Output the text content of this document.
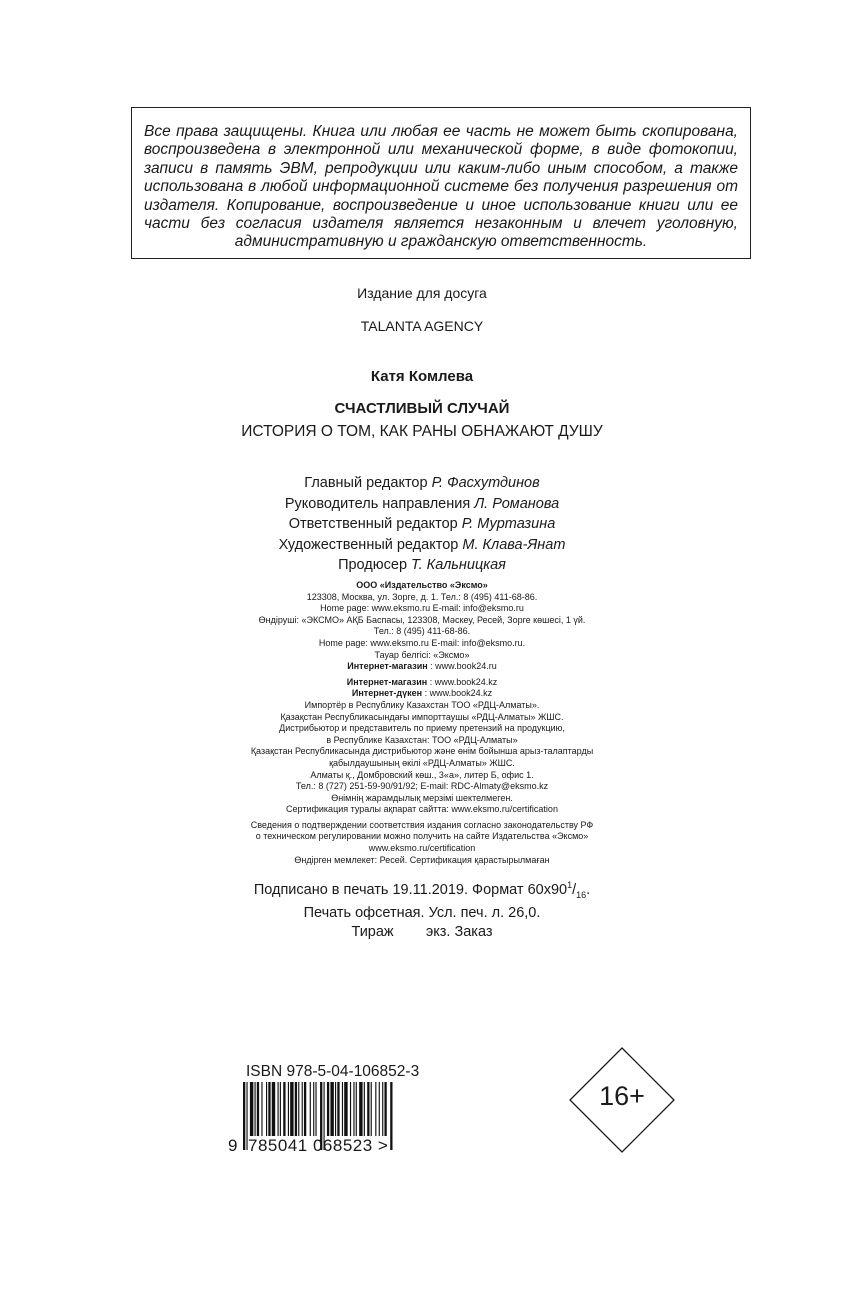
Все права защищены. Книга или любая ее часть не может быть скопирована, воспроизведена в электронной или механической форме, в виде фотокопии, записи в память ЭВМ, репродукции или каким-либо иным способом, а также использована в любой информационной системе без получения разрешения от издателя. Копирование, воспроизведение и иное использование книги или ее части без согласия издателя является незаконным и влечет уголовную, административную и гражданскую ответственность.

Издание для досуга
TALANTA AGENCY
Катя Комлева
СЧАСТЛИВЫЙ СЛУЧАЙ
ИСТОРИЯ О ТОМ, КАК РАНЫ ОБНАЖАЮТ ДУШУ
Главный редактор Р. Фасхутдинов
Руководитель направления Л. Романова
Ответственный редактор Р. Муртазина
Художественный редактор М. Клава-Янат
Продюсер Т. Кальницкая
ООО «Издательство «Эксмо»
123308, Москва, ул. Зорге, д. 1. Тел.: 8 (495) 411-68-86.
Home page: www.eksmo.ru E-mail: info@eksmo.ru
Өндіруші: «ЭКСМО» АҚБ Баспасы, 123308, Мәскеу, Ресей, Зорге көшесі, 1 үй.
Тел.: 8 (495) 411-68-86.
Home page: www.eksmo.ru E-mail: info@eksmo.ru.
Тауар белгісі: «Эксмо»
Интернет-магазин : www.book24.ru
Интернет-магазин : www.book24.kz
Интернет-дүкен : www.book24.kz
Импортёр в Республику Казахстан ТОО «РДЦ-Алматы».
Қазақстан Республикасындағы импорттаушы «РДЦ-Алматы» ЖШС.
Дистрибьютор и представитель по приему претензий на продукцию,
в Республике Казахстан: ТОО «РДЦ-Алматы»
Қазақстан Республикасында дистрибьютор және өнім бойынша арыз-талаптарды
қабылдаушының өкілі «РДЦ-Алматы» ЖШС.
Алматы қ., Домбровский көш., 3«а», литер Б, офис 1.
Тел.: 8 (727) 251-59-90/91/92; E-mail: RDC-Almaty@eksmo.kz
Өнімнің жарамдылық мерзімі шектелмеген.
Сертификация туралы ақпарат сайтта: www.eksmo.ru/certification
Сведения о подтверждении соответствия издания согласно законодательству РФ
о техническом регулировании можно получить на сайте Издательства «Эксмо»
www.eksmo.ru/certification
Өндірген мемлекет: Ресей. Сертификация қарастырылмаған
Подписано в печать 19.11.2019. Формат $60x90^1/_{16}$.
Печать офсетная. Усл. печ. л. 26,0.
Тираж        экз. Заказ
ISBN 978-5-04-106852-3
9 785041 068523 >
16+
